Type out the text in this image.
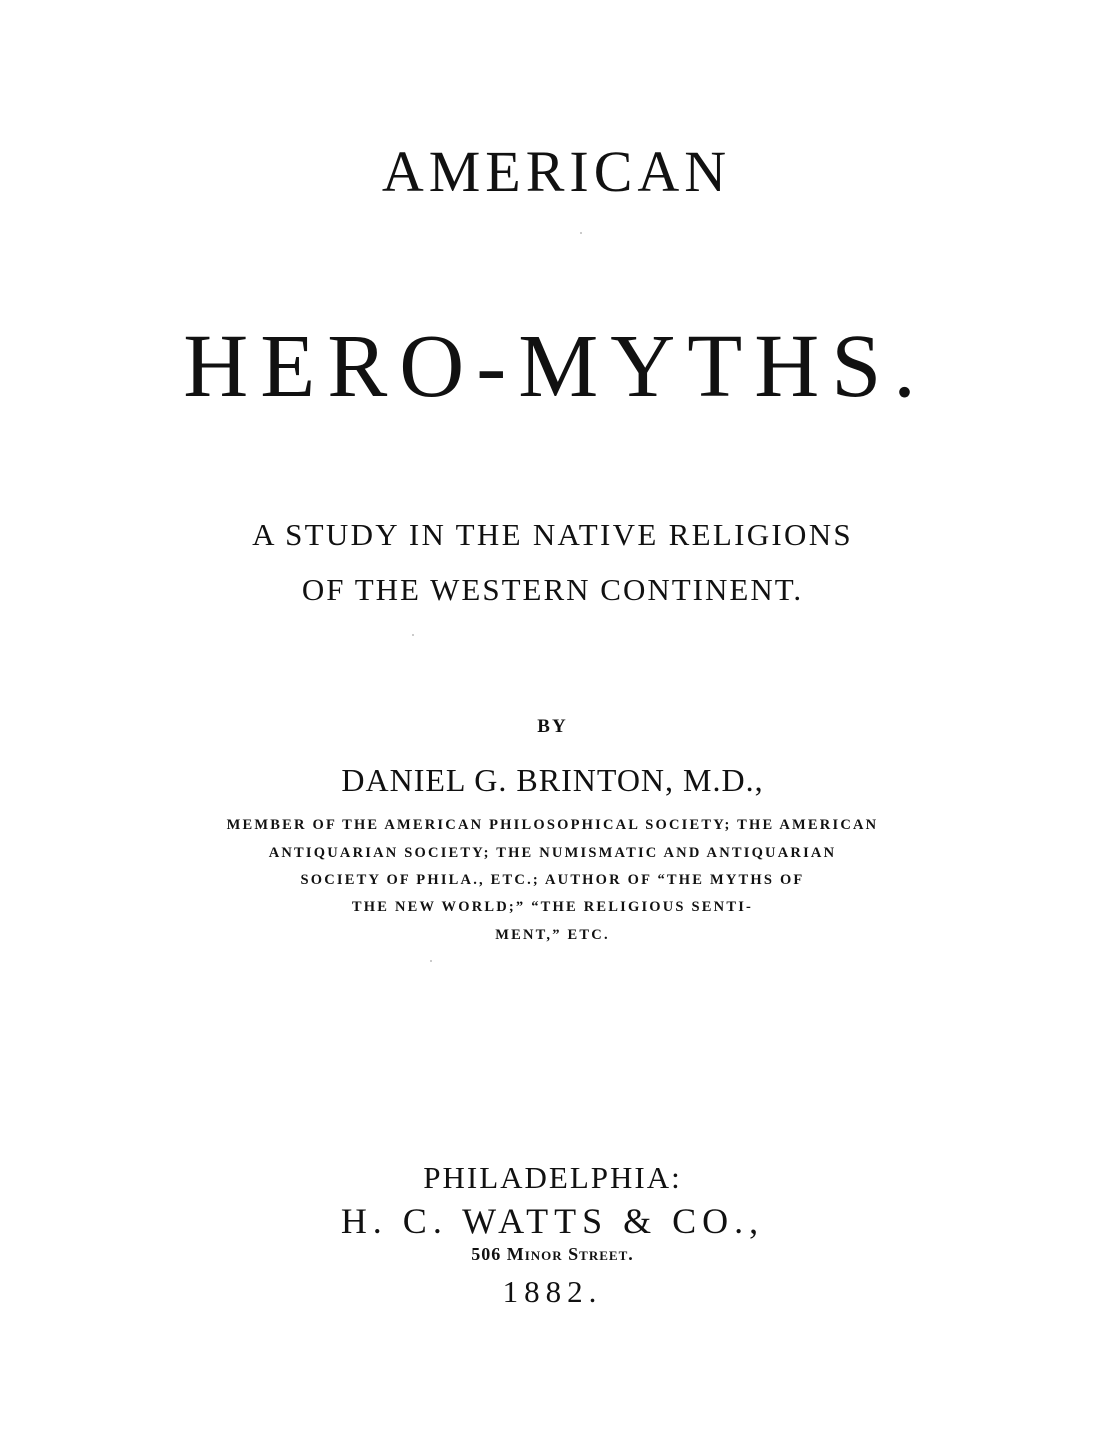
AMERICAN
HERO-MYTHS.
A STUDY IN THE NATIVE RELIGIONS
OF THE WESTERN CONTINENT.
BY
DANIEL G. BRINTON, M.D.,
MEMBER OF THE AMERICAN PHILOSOPHICAL SOCIETY; THE AMERICAN
ANTIQUARIAN SOCIETY; THE NUMISMATIC AND ANTIQUARIAN
SOCIETY OF PHILA., ETC.; AUTHOR OF “THE MYTHS OF
THE NEW WORLD;” “THE RELIGIOUS SENTI-
MENT,” ETC.
PHILADELPHIA:
H. C. WATTS & CO.,
506 Minor Street.
1882.
